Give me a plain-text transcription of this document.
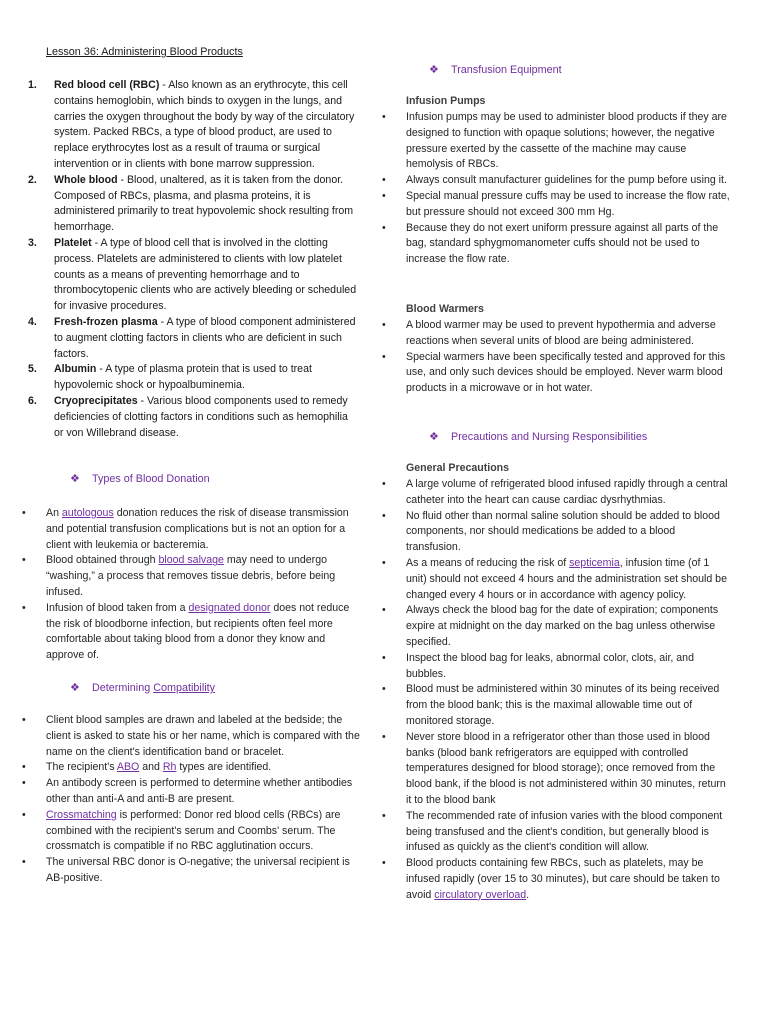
Lesson 36: Administering Blood Products
1. Red blood cell (RBC) - Also known as an erythrocyte, this cell contains hemoglobin, which binds to oxygen in the lungs, and carries the oxygen throughout the body by way of the circulatory system. Packed RBCs, a type of blood product, are used to replace erythrocytes lost as a result of trauma or surgical intervention or in clients with bone marrow suppression.
2. Whole blood - Blood, unaltered, as it is taken from the donor. Composed of RBCs, plasma, and plasma proteins, it is administered primarily to treat hypovolemic shock resulting from hemorrhage.
3. Platelet - A type of blood cell that is involved in the clotting process. Platelets are administered to clients with low platelet counts as a means of preventing hemorrhage and to thrombocytopenic clients who are actively bleeding or scheduled for invasive procedures.
4. Fresh-frozen plasma - A type of blood component administered to augment clotting factors in clients who are deficient in such factors.
5. Albumin - A type of plasma protein that is used to treat hypovolemic shock or hypoalbuminemia.
6. Cryoprecipitates - Various blood components used to remedy deficiencies of clotting factors in conditions such as hemophilia or von Willebrand disease.
❖ Types of Blood Donation
• An autologous donation reduces the risk of disease transmission and potential transfusion complications but is not an option for a client with leukemia or bacteremia.
• Blood obtained through blood salvage may need to undergo “washing,” a process that removes tissue debris, before being infused.
• Infusion of blood taken from a designated donor does not reduce the risk of bloodborne infection, but recipients often feel more comfortable about taking blood from a donor they know and approve of.
❖ Determining Compatibility
• Client blood samples are drawn and labeled at the bedside; the client is asked to state his or her name, which is compared with the name on the client's identification band or bracelet.
• The recipient's ABO and Rh types are identified.
• An antibody screen is performed to determine whether antibodies other than anti-A and anti-B are present.
• Crossmatching is performed: Donor red blood cells (RBCs) are combined with the recipient's serum and Coombs' serum. The crossmatch is compatible if no RBC agglutination occurs.
• The universal RBC donor is O-negative; the universal recipient is AB-positive.
❖ Transfusion Equipment
Infusion Pumps
• Infusion pumps may be used to administer blood products if they are designed to function with opaque solutions; however, the negative pressure exerted by the cassette of the machine may cause hemolysis of RBCs.
• Always consult manufacturer guidelines for the pump before using it.
• Special manual pressure cuffs may be used to increase the flow rate, but pressure should not exceed 300 mm Hg.
• Because they do not exert uniform pressure against all parts of the bag, standard sphygmomanometer cuffs should not be used to increase the flow rate.
Blood Warmers
• A blood warmer may be used to prevent hypothermia and adverse reactions when several units of blood are being administered.
• Special warmers have been specifically tested and approved for this use, and only such devices should be employed. Never warm blood products in a microwave or in hot water.
❖ Precautions and Nursing Responsibilities
General Precautions
• A large volume of refrigerated blood infused rapidly through a central catheter into the heart can cause cardiac dysrhythmias.
• No fluid other than normal saline solution should be added to blood components, nor should medications be added to a blood transfusion.
• As a means of reducing the risk of septicemia, infusion time (of 1 unit) should not exceed 4 hours and the administration set should be changed every 4 hours or in accordance with agency policy.
• Always check the blood bag for the date of expiration; components expire at midnight on the day marked on the bag unless otherwise specified.
• Inspect the blood bag for leaks, abnormal color, clots, air, and bubbles.
• Blood must be administered within 30 minutes of its being received from the blood bank; this is the maximal allowable time out of monitored storage.
• Never store blood in a refrigerator other than those used in blood banks (blood bank refrigerators are equipped with controlled temperatures designed for blood storage); once removed from the blood bank, if the blood is not administered within 30 minutes, return it to the blood bank
• The recommended rate of infusion varies with the blood component being transfused and the client's condition, but generally blood is infused as quickly as the client's condition will allow.
• Blood products containing few RBCs, such as platelets, may be infused rapidly (over 15 to 30 minutes), but care should be taken to avoid circulatory overload.
